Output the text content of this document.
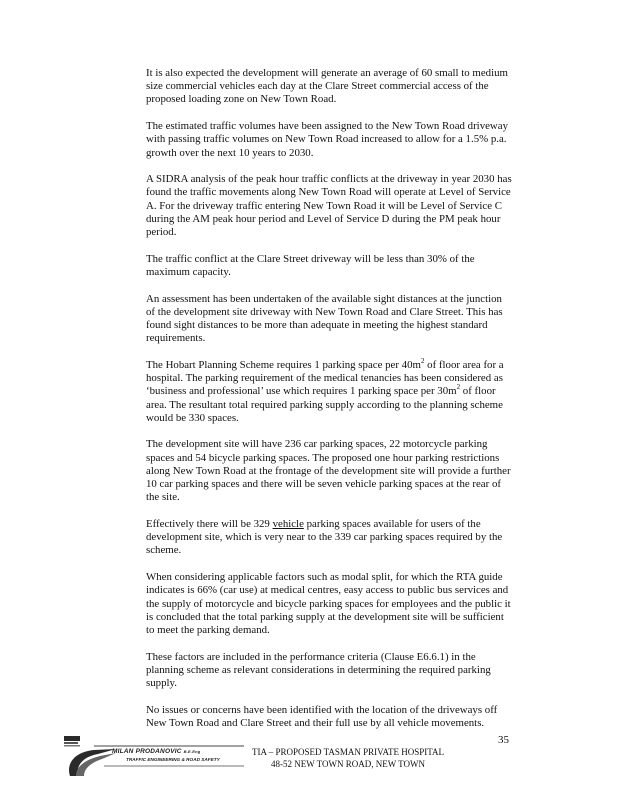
It is also expected the development will generate an average of 60 small to medium size commercial vehicles each day at the Clare Street commercial access of the proposed loading zone on New Town Road.

The estimated traffic volumes have been assigned to the New Town Road driveway with passing traffic volumes on New Town Road increased to allow for a 1.5% p.a. growth over the next 10 years to 2030.

A SIDRA analysis of the peak hour traffic conflicts at the driveway in year 2030 has found the traffic movements along New Town Road will operate at Level of Service A. For the driveway traffic entering New Town Road it will be Level of Service C during the AM peak hour period and Level of Service D during the PM peak hour period.

The traffic conflict at the Clare Street driveway will be less than 30% of the maximum capacity.

An assessment has been undertaken of the available sight distances at the junction of the development site driveway with New Town Road and Clare Street. This has found sight distances to be more than adequate in meeting the highest standard requirements.

The Hobart Planning Scheme requires 1 parking space per $40m^2$ of floor area for a hospital. The parking requirement of the medical tenancies has been considered as ‘business and professional’ use which requires 1 parking space per $30m^2$ of floor area. The resultant total required parking supply according to the planning scheme would be 330 spaces.

The development site will have 236 car parking spaces, 22 motorcycle parking spaces and 54 bicycle parking spaces. The proposed one hour parking restrictions along New Town Road at the frontage of the development site will provide a further 10 car parking spaces and there will be seven vehicle parking spaces at the rear of the site.

Effectively there will be 329 vehicle parking spaces available for users of the development site, which is very near to the 339 car parking spaces required by the scheme.

When considering applicable factors such as modal split, for which the RTA guide indicates is 66% (car use) at medical centres, easy access to public bus services and the supply of motorcycle and bicycle parking spaces for employees and the public it is concluded that the total parking supply at the development site will be sufficient to meet the parking demand.

These factors are included in the performance criteria (Clause E6.6.1) in the planning scheme as relevant considerations in determining the required parking supply.

No issues or concerns have been identified with the location of the driveways off New Town Road and Clare Street and their full use by all vehicle movements.

35
MILAN PRODANOVIC B.E.Eng
TRAFFIC ENGINEERING & ROAD SAFETY
TIA – PROPOSED TASMAN PRIVATE HOSPITAL
48-52 NEW TOWN ROAD, NEW TOWN
